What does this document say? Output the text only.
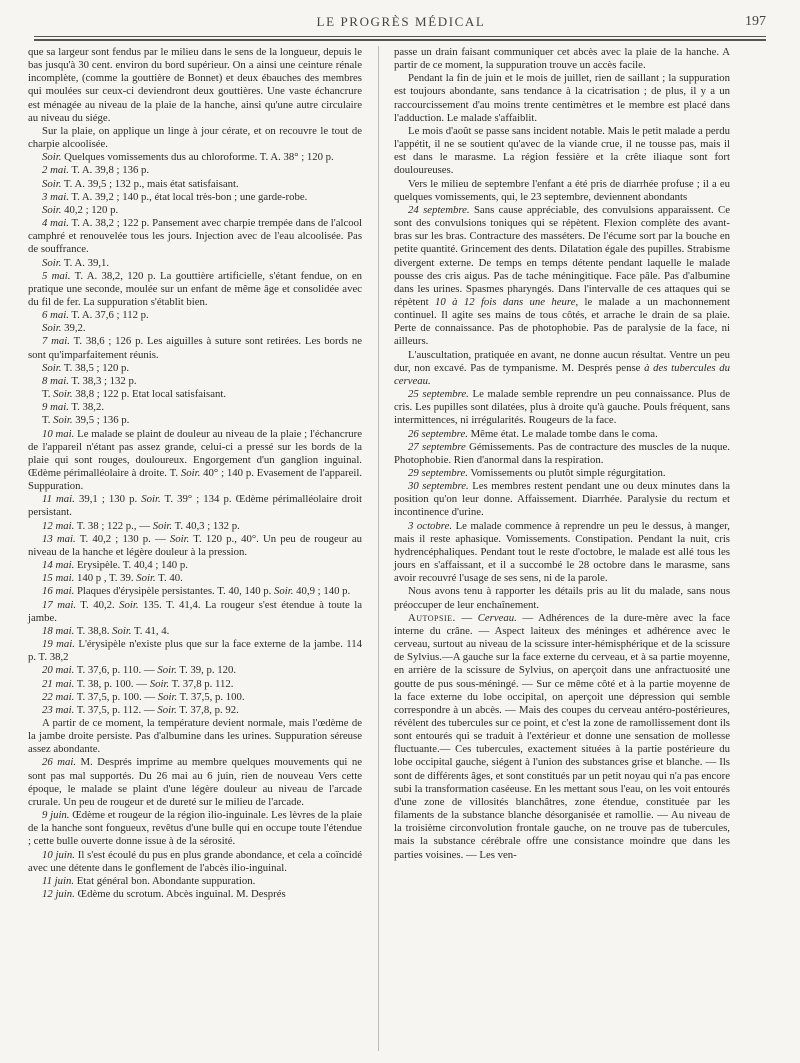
LE PROGRÈS MÉDICAL	197

que sa largeur sont fendus par le milieu dans le sens de la longueur, depuis le bas jusqu'à 30 cent. environ du bord supérieur. On a ainsi une ceinture rénale incomplète, (comme la gouttière de Bonnet) et deux ébauches des membres qui moulées sur ceux-ci deviendront deux gouttières. Une vaste échancrure est ménagée au niveau de la plaie de la hanche, ainsi qu'une autre circulaire au niveau du siége.

Sur la plaie, on applique un linge à jour cérate, et on recouvre le tout de charpie alcoolisée.

Soir. Quelques vomissements dus au chloroforme. T. A. 38° ; 120 p.

2 mai. T. A. 39,8 ; 136 p.

Soir. T. A. 39,5 ; 132 p., mais état satisfaisant.

3 mai. T. A. 39,2 ; 140 p., état local très-bon ; une garde-robe.

Soir. 40,2 ; 120 p.

4 mai. T. A. 38,2 ; 122 p. Pansement avec charpie trempée dans de l'alcool camphré et renouvelée tous les jours. Injection avec de l'eau alcoolisée. Pas de souffrance.

Soir. T. A. 39,1.

5 mai. T. A. 38,2, 120 p. La gouttière artificielle, s'étant fendue, on en pratique une seconde, moulée sur un enfant de même âge et consolidée avec du fil de fer. La suppuration s'établit bien.

6 mai. T. A. 37,6 ; 112 p.

Soir. 39,2.

7 mai. T. 38,6 ; 126 p. Les aiguilles à suture sont retirées. Les bords ne sont qu'imparfaitement réunis.

Soir. T. 38,5 ; 120 p.

8 mai. T. 38,3 ; 132 p.

T. Soir. 38,8 ; 122 p. Etat local satisfaisant.

9 mai. T. 38,2.

T. Soir. 39,5 ; 136 p.

10 mai. Le malade se plaint de douleur au niveau de la plaie ; l'échancrure de l'appareil n'étant pas assez grande, celui-ci a pressé sur les bords de la plaie qui sont rouges, douloureux. Engorgement d'un ganglion inguinal. Œdème périmalléolaire à droite. T. Soir. 40° ; 140 p. Evasement de l'appareil. Suppuration.

11 mai. 39,1 ; 130 p. Soir. T. 39° ; 134 p. Œdème périmalléolaire droit persistant.

12 mai. T. 38 ; 122 p., — Soir. T. 40,3 ; 132 p.

13 mai. T. 40,2 ; 130 p. — Soir. T. 120 p., 40°. Un peu de rougeur au niveau de la hanche et légère douleur à la pression.

14 mai. Erysipèle. T. 40,4 ; 140 p.

15 mai. 140 p , T. 39. Soir. T. 40.

16 mai. Plaques d'érysipèle persistantes. T. 40, 140 p. Soir. 40,9 ; 140 p.

17 mai. T. 40,2. Soir. 135. T. 41,4. La rougeur s'est étendue à toute la jambe.

18 mai. T. 38,8. Soir. T. 41, 4.

19 mai. L'érysipèle n'existe plus que sur la face externe de la jambe. 114 p. T. 38,2

20 mai. T. 37,6, p. 110. — Soir. T. 39, p. 120.

21 mai. T. 38, p. 100. — Soir. T. 37,8 p. 112.

22 mai. T. 37,5, p. 100. — Soir. T. 37,5, p. 100.

23 mai. T. 37,5, p. 112. — Soir. T. 37,8, p. 92.

A partir de ce moment, la température devient normale, mais l'œdème de la jambe droite persiste. Pas d'albumine dans les urines. Suppuration séreuse assez abondante.

26 mai. M. Després imprime au membre quelques mouvements qui ne sont pas mal supportés. Du 26 mai au 6 juin, rien de nouveau Vers cette époque, le malade se plaint d'une légère douleur au niveau de l'arcade crurale. Un peu de rougeur et de dureté sur le milieu de l'arcade.

9 juin. Œdème et rougeur de la région ilio-inguinale. Les lèvres de la plaie de la hanche sont fongueux, revêtus d'une bulle qui en occupe toute l'étendue ; cette bulle ouverte donne issue à de la sérosité.

10 juin. Il s'est écoulé du pus en plus grande abondance, et cela a coïncidé avec une détente dans le gonflement de l'abcès ilio-inguinal.

11 juin. Etat général bon. Abondante suppuration.

12 juin. Œdème du scrotum. Abcès inguinal. M. Després

passe un drain faisant communiquer cet abcès avec la plaie de la hanche. A partir de ce moment, la suppuration trouve un accès facile.

Pendant la fin de juin et le mois de juillet, rien de saillant ; la suppuration est toujours abondante, sans tendance à la cicatrisation ; de plus, il y a un raccourcissement d'au moins trente centimètres et le membre est placé dans l'adduction. Le malade s'affaiblit.

Le mois d'août se passe sans incident notable. Mais le petit malade a perdu l'appétit, il ne se soutient qu'avec de la viande crue, il ne tousse pas, mais il est dans le marasme. La région fessière et la crête iliaque sont fort douloureuses.

Vers le milieu de septembre l'enfant a été pris de diarrhée profuse ; il a eu quelques vomissements, qui, le 23 septembre, deviennent abondants

24 septembre. Sans cause appréciable, des convulsions apparaissent. Ce sont des convulsions toniques qui se répètent. Flexion complète des avant-bras sur les bras. Contracture des masséters. De l'écume sort par la bouche en petite quantité. Grincement des dents. Dilatation égale des pupilles. Strabisme divergent externe. De temps en temps détente pendant laquelle le malade pousse des cris aigus. Pas de tache méningitique. Face pâle. Pas d'albumine dans les urines. Spasmes pharyngés. Dans l'intervalle de ces attaques qui se répètent 10 à 12 fois dans une heure, le malade a un machonnement continuel. Il agite ses mains de tous côtés, et arrache le drain de sa plaie. Perte de connaissance. Pas de photophobie. Pas de paralysie de la face, ni ailleurs.

L'auscultation, pratiquée en avant, ne donne aucun résultat. Ventre un peu dur, non excavé. Pas de tympanisme. M. Després pense à des tubercules du cerveau.

25 septembre. Le malade semble reprendre un peu connaissance. Plus de cris. Les pupilles sont dilatées, plus à droite qu'à gauche. Pouls fréquent, sans intermittences, ni irrégularités. Rougeurs de la face.

26 septembre. Même état. Le malade tombe dans le coma.

27 septembre Gémissements. Pas de contracture des muscles de la nuque. Photophobie. Rien d'anormal dans la respiration.

29 septembre. Vomissements ou plutôt simple régurgitation.

30 septembre. Les membres restent pendant une ou deux minutes dans la position qu'on leur donne. Affaissement. Diarrhée. Paralysie du rectum et incontinence d'urine.

3 octobre. Le malade commence à reprendre un peu le dessus, à manger, mais il reste aphasique. Vomissements. Constipation. Pendant la nuit, cris hydrencéphaliques. Pendant tout le reste d'octobre, le malade est allé tous les jours en s'affaissant, et il a succombé le 28 octobre dans le marasme, sans avoir recouvré l'usage de ses sens, ni de la parole.

Nous avons tenu à rapporter les détails pris au lit du malade, sans nous préoccuper de leur enchaînement.

Autopsie. — Cerveau. — Adhérences de la dure-mère avec la face interne du crâne. — Aspect laiteux des méninges et adhérence avec le cerveau, surtout au niveau de la scissure inter-hémisphérique et de la scissure de Sylvius.—A gauche sur la face externe du cerveau, et à sa partie moyenne, en arrière de la scissure de Sylvius, on aperçoit dans une anfractuosité une goutte de pus sous-méningé. — Sur ce même côté et à la partie moyenne de la face externe du lobe occipital, on aperçoit une dépression qui semble correspondre à un abcès. — Mais des coupes du cerveau antéro-postérieures, révèlent des tubercules sur ce point, et c'est la zone de ramollissement dont ils sont entourés qui se traduit à l'extérieur et donne une sensation de mollesse fluctuante.— Ces tubercules, exactement situées à la partie postérieure du lobe occipital gauche, siégent à l'union des substances grise et blanche. — Ils sont de différents âges, et sont constitués par un petit noyau qui n'a pas encore subi la transformation caséeuse. En les mettant sous l'eau, on les voit entourés d'une zone de villosités blanchâtres, zone étendue, constituée par les filaments de la substance blanche désorganisée et ramollie. — Au niveau de la troisième circonvolution frontale gauche, on ne trouve pas de tubercules, mais la substance cérébrale offre une consistance moindre que dans les parties voisines. — Les ven-
